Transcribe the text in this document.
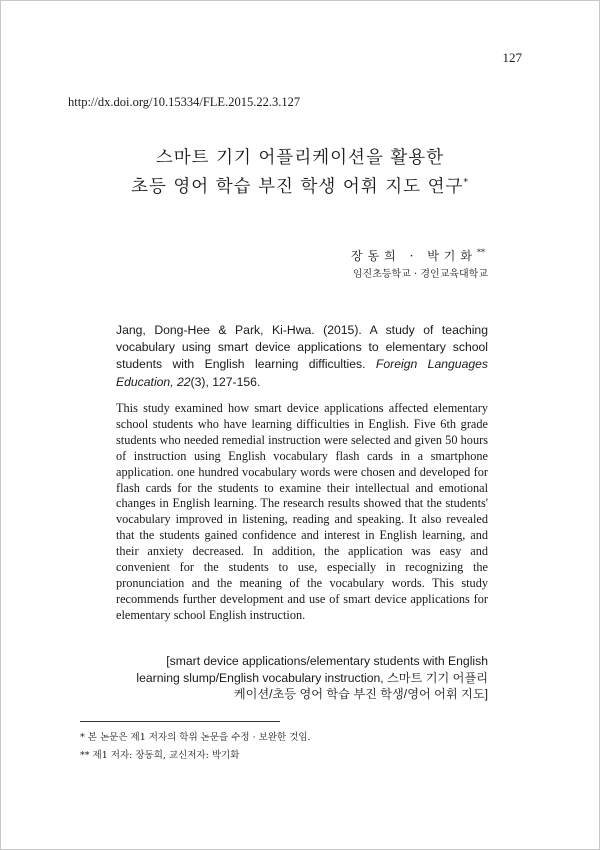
127
http://dx.doi.org/10.15334/FLE.2015.22.3.127
스마트 기기 어플리케이션을 활용한
초등 영어 학습 부진 학생 어휘 지도 연구*
장동희 · 박기화**
임진초등학교 · 경인교육대학교
Jang, Dong-Hee & Park, Ki-Hwa. (2015). A study of teaching vocabulary using smart device applications to elementary school students with English learning difficulties. Foreign Languages Education, 22(3), 127-156.
This study examined how smart device applications affected elementary school students who have learning difficulties in English. Five 6th grade students who needed remedial instruction were selected and given 50 hours of instruction using English vocabulary flash cards in a smartphone application. one hundred vocabulary words were chosen and developed for flash cards for the students to examine their intellectual and emotional changes in English learning. The research results showed that the students' vocabulary improved in listening, reading and speaking. It also revealed that the students gained confidence and interest in English learning, and their anxiety decreased. In addition, the application was easy and convenient for the students to use, especially in recognizing the pronunciation and the meaning of the vocabulary words. This study recommends further development and use of smart device applications for elementary school English instruction.
[smart device applications/elementary students with English learning slump/English vocabulary instruction, 스마트 기기 어플리케이션/초등 영어 학습 부진 학생/영어 어휘 지도]
* 본 논문은 제1 저자의 학위 논문을 수정 · 보완한 것임.
** 제1 저자: 장동희, 교신저자: 박기화
